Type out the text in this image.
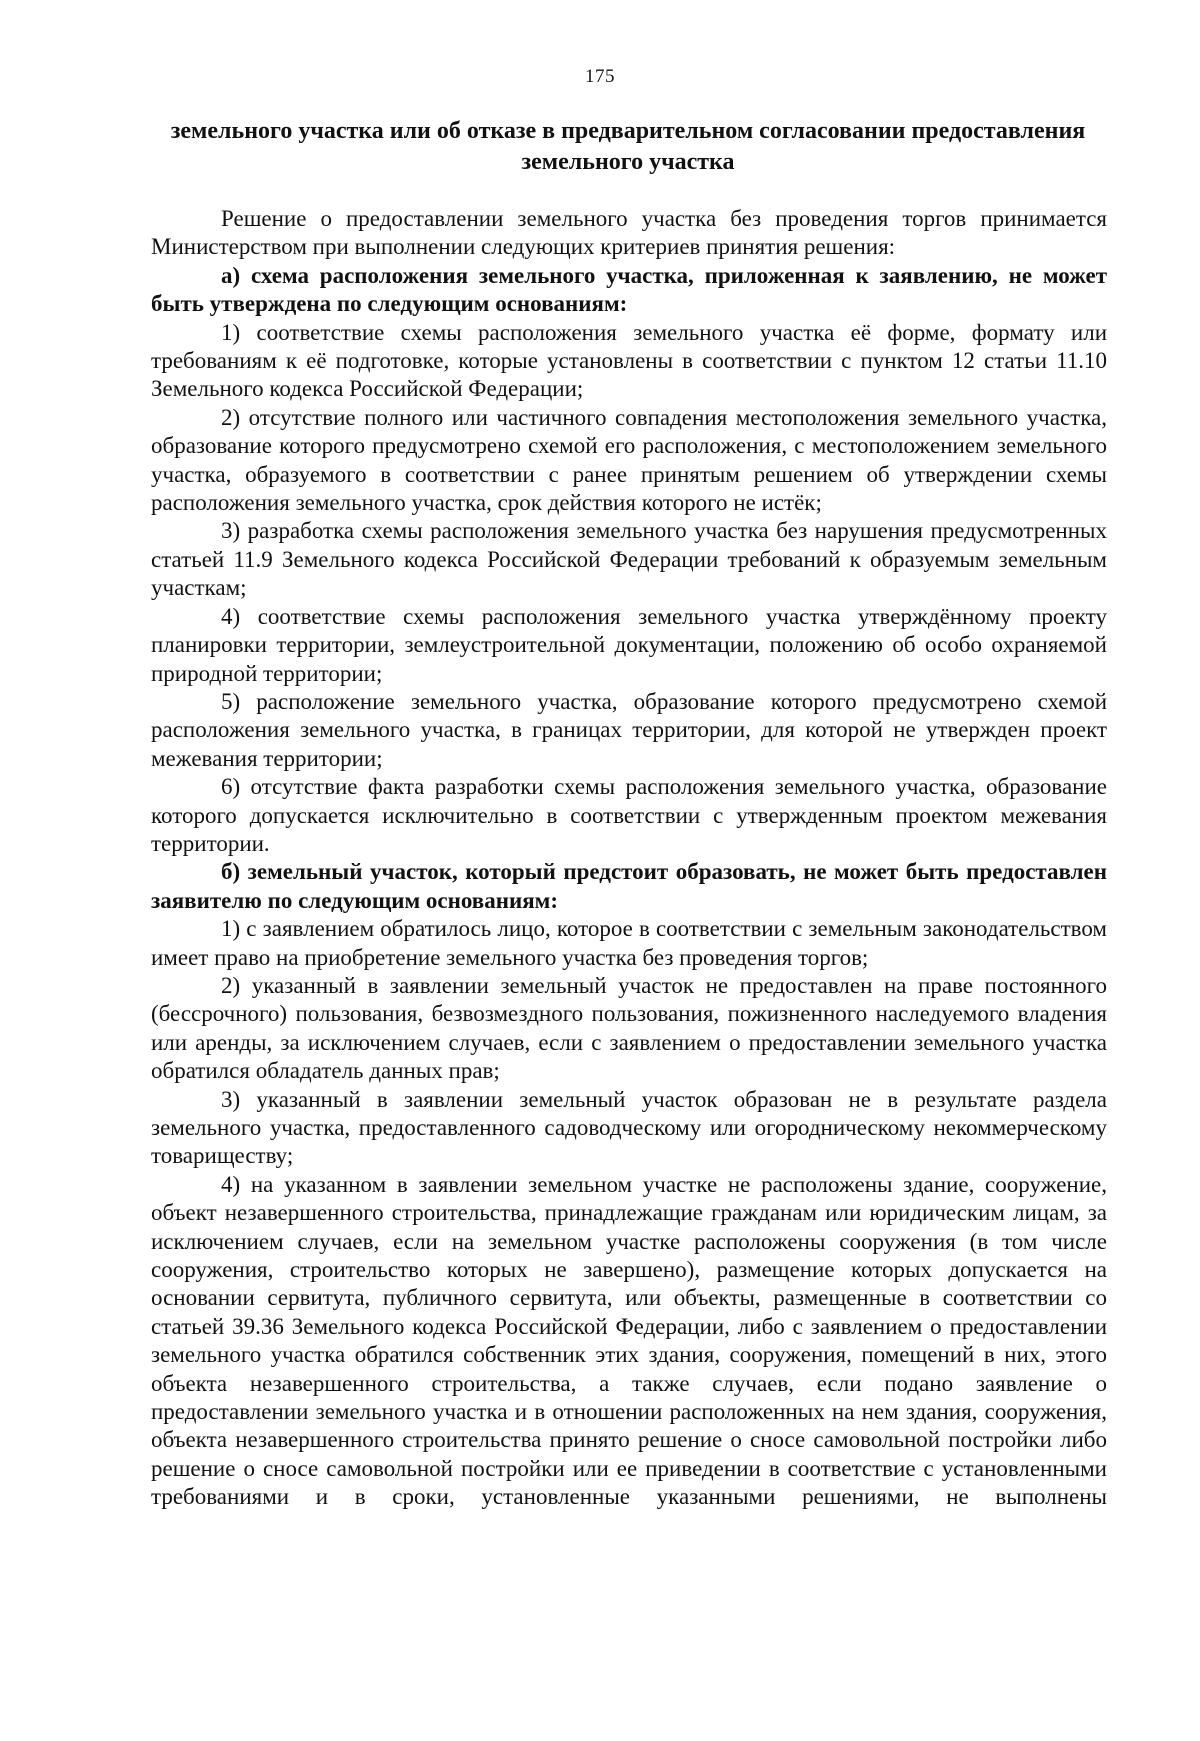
175
земельного участка или об отказе в предварительном согласовании предоставления земельного участка

Решение о предоставлении земельного участка без проведения торгов принимается Министерством при выполнении следующих критериев принятия решения:

а) схема расположения земельного участка, приложенная к заявлению, не может быть утверждена по следующим основаниям:

1) соответствие схемы расположения земельного участка её форме, формату или требованиям к её подготовке, которые установлены в соответствии с пунктом 12 статьи 11.10 Земельного кодекса Российской Федерации;

2) отсутствие полного или частичного совпадения местоположения земельного участка, образование которого предусмотрено схемой его расположения, с местоположением земельного участка, образуемого в соответствии с ранее принятым решением об утверждении схемы расположения земельного участка, срок действия которого не истёк;

3) разработка схемы расположения земельного участка без нарушения предусмотренных статьей 11.9 Земельного кодекса Российской Федерации требований к образуемым земельным участкам;

4) соответствие схемы расположения земельного участка утверждённому проекту планировки территории, землеустроительной документации, положению об особо охраняемой природной территории;

5) расположение земельного участка, образование которого предусмотрено схемой расположения земельного участка, в границах территории, для которой не утвержден проект межевания территории;

6) отсутствие факта разработки схемы расположения земельного участка, образование которого допускается исключительно в соответствии с утвержденным проектом межевания территории.

б) земельный участок, который предстоит образовать, не может быть предоставлен заявителю по следующим основаниям:

1) с заявлением обратилось лицо, которое в соответствии с земельным законодательством имеет право на приобретение земельного участка без проведения торгов;

2) указанный в заявлении земельный участок не предоставлен на праве постоянного (бессрочного) пользования, безвозмездного пользования, пожизненного наследуемого владения или аренды, за исключением случаев, если с заявлением о предоставлении земельного участка обратился обладатель данных прав;

3) указанный в заявлении земельный участок образован не в результате раздела земельного участка, предоставленного садоводческому или огородническому некоммерческому товариществу;

4) на указанном в заявлении земельном участке не расположены здание, сооружение, объект незавершенного строительства, принадлежащие гражданам или юридическим лицам, за исключением случаев, если на земельном участке расположены сооружения (в том числе сооружения, строительство которых не завершено), размещение которых допускается на основании сервитута, публичного сервитута, или объекты, размещенные в соответствии со статьей 39.36 Земельного кодекса Российской Федерации, либо с заявлением о предоставлении земельного участка обратился собственник этих здания, сооружения, помещений в них, этого объекта незавершенного строительства, а также случаев, если подано заявление о предоставлении земельного участка и в отношении расположенных на нем здания, сооружения, объекта незавершенного строительства принято решение о сносе самовольной постройки либо решение о сносе самовольной постройки или ее приведении в соответствие с установленными требованиями и в сроки, установленные указанными решениями, не выполнены
